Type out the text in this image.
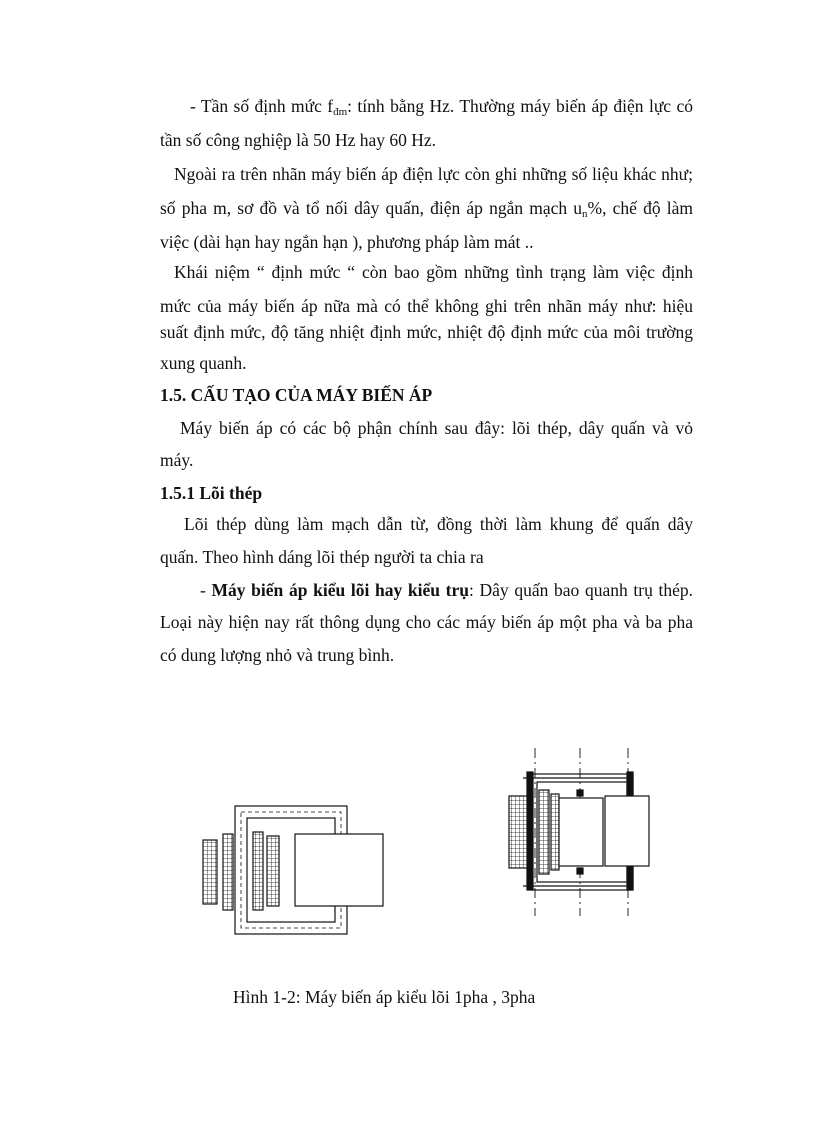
- Tần số định mức $f_{đm}$: tính bằng Hz. Thường máy biến áp điện lực có
tần số công nghiệp là 50 Hz hay 60 Hz.
Ngoài ra trên nhãn máy biến áp điện lực còn ghi những số liệu khác như;
số pha m, sơ đồ và tổ nối dây quấn, điện áp ngắn mạch $u_n\%$, chế độ làm
việc (dài hạn hay ngắn hạn ), phương pháp làm mát ..
Khái niệm “ định mức “ còn bao gồm những tình trạng làm việc định
mức của máy biến áp nữa mà có thể không ghi trên nhãn máy như: hiệu
suất định mức, độ tăng nhiệt định mức, nhiệt độ định mức của môi trường
xung quanh.
1.5. CẤU TẠO CỦA MÁY BIẾN ÁP
Máy biến áp có các bộ phận chính sau đây: lõi thép, dây quấn và vỏ
máy.
1.5.1 Lõi thép
Lõi thép dùng làm mạch dẫn từ, đồng thời làm khung để quấn dây
quấn. Theo hình dáng lõi thép người ta chia ra
- Máy biến áp kiểu lõi hay kiểu trụ: Dây quấn bao quanh trụ thép.
Loại này hiện nay rất thông dụng cho các máy biến áp một pha và ba pha
có dung lượng nhỏ và trung bình.
Hình 1-2: Máy biến áp kiểu lõi 1pha , 3pha
